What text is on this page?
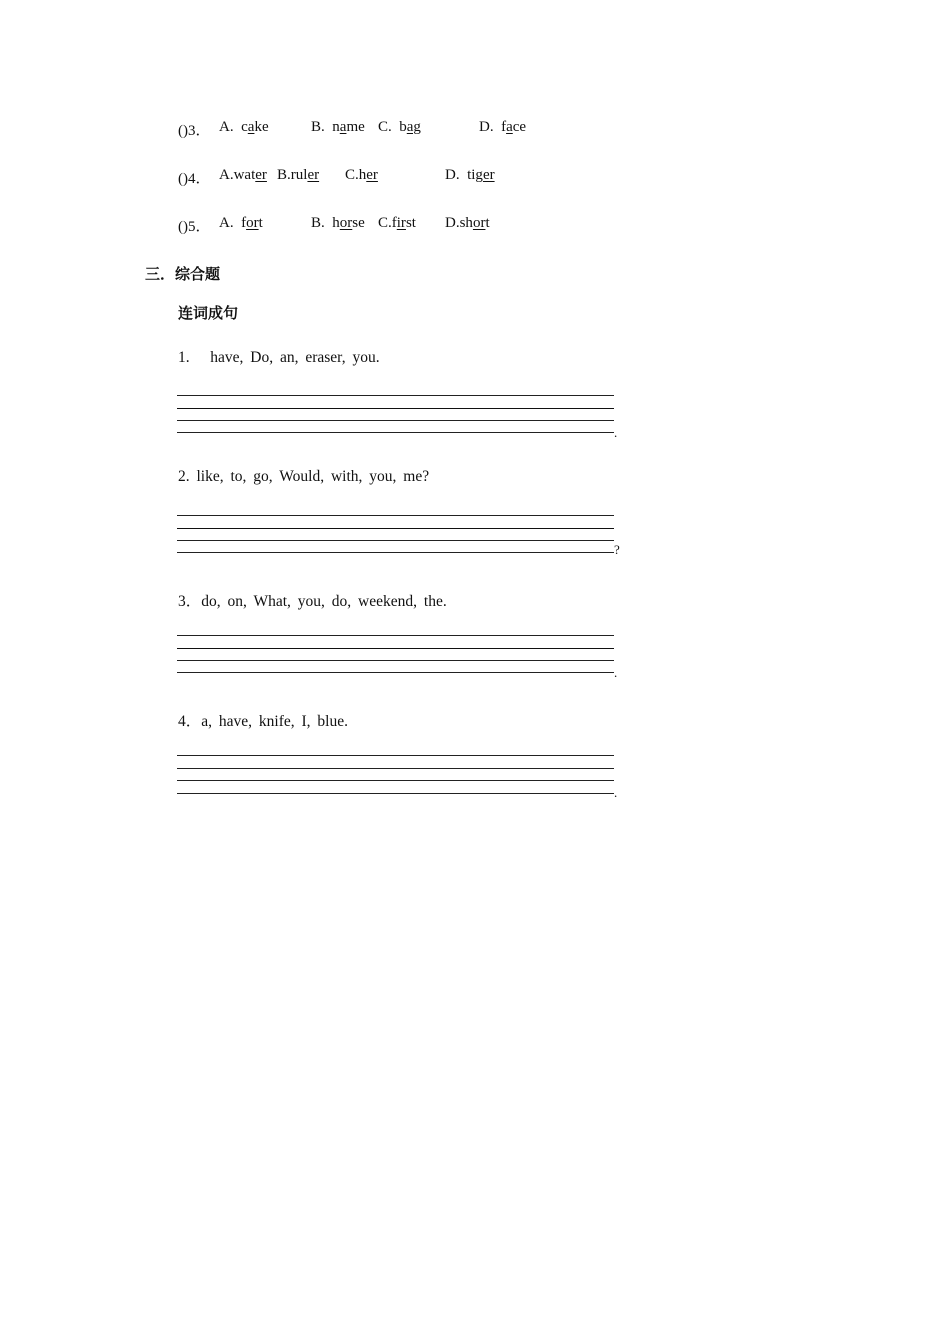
()3． A. cake	B. name C. bag	D. face
()4． A.water B.ruler C.her	D. tiger
()5． A. fort	B. horse C.first D.short
三．综合题
连词成句
1. have, Do, an, eraser, you.
.
2. like, to, go, Would, with, you, me?
?
3．do, on, What, you, do, weekend, the.
.
4．a, have, knife, I, blue.
.
